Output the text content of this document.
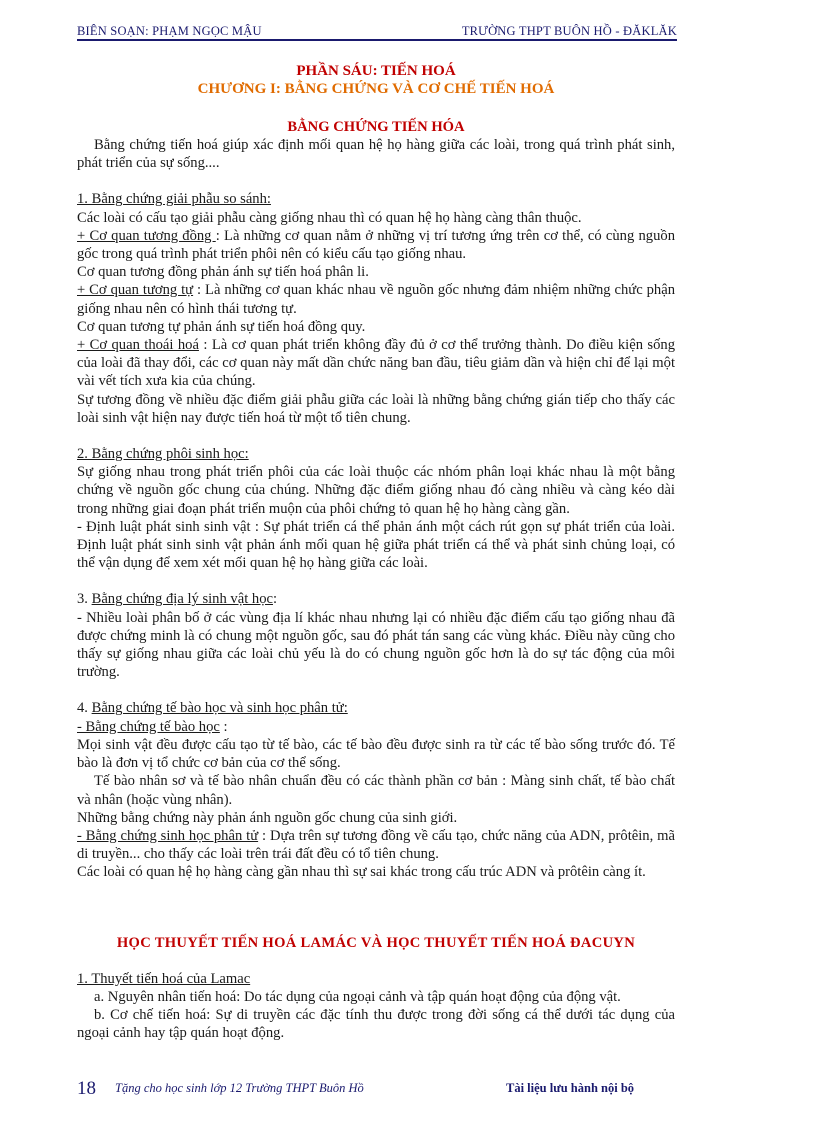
BIÊN SOẠN: PHẠM NGỌC MẬU	TRƯỜNG THPT BUÔN HỒ - ĐĂKLĂK
PHẦN SÁU: TIẾN HOÁ
CHƯƠNG I: BẰNG CHỨNG VÀ CƠ CHẾ TIẾN HOÁ
BẰNG CHỨNG TIẾN HÓA

Bằng chứng tiến hoá giúp xác định mối quan hệ họ hàng giữa các loài, trong quá trình phát sinh, phát triển của sự sống....

1. Bằng chứng giải phẫu so sánh:

Các loài có cấu tạo giải phẫu càng giống nhau thì có quan hệ họ hàng càng thân thuộc.

+ Cơ quan tương đồng : Là những cơ quan nằm ở những vị trí tương ứng trên cơ thể, có cùng nguồn gốc trong quá trình phát triển phôi nên có kiểu cấu tạo giống nhau.

Cơ quan tương đồng phản ánh sự tiến hoá phân li.

+ Cơ quan tương tự : Là những cơ quan khác nhau về nguồn gốc nhưng đảm nhiệm những chức phận giống nhau nên có hình thái tương tự.

Cơ quan tương tự phản ánh sự tiến hoá đồng quy.

+ Cơ quan thoái hoá : Là cơ quan phát triển không đầy đủ ở cơ thể trưởng thành. Do điều kiện sống của loài đã thay đổi, các cơ quan này mất dần chức năng ban đầu, tiêu giảm dần và hiện chỉ để lại một vài vết tích xưa kia của chúng.

Sự tương đồng về nhiều đặc điểm giải phẫu giữa các loài là những bằng chứng gián tiếp cho thấy các loài sinh vật hiện nay được tiến hoá từ một tổ tiên chung.

2. Bằng chứng phôi sinh học:

Sự giống nhau trong phát triển phôi của các loài thuộc các nhóm phân loại khác nhau là một bằng chứng về nguồn gốc chung của chúng. Những đặc điểm giống nhau đó càng nhiều và càng kéo dài trong những giai đoạn phát triển muộn của phôi chứng tỏ quan hệ họ hàng càng gần.

- Định luật phát sinh sinh vật : Sự phát triển cá thể phản ánh một cách rút gọn sự phát triển của loài. Định luật phát sinh sinh vật phản ánh mối quan hệ giữa phát triển cá thể và phát sinh chủng loại, có thể vận dụng để xem xét mối quan hệ họ hàng giữa các loài.

3. Bằng chứng địa lý sinh vật học:

- Nhiều loài phân bố ở các vùng địa lí khác nhau nhưng lại có nhiều đặc điểm cấu tạo giống nhau đã được chứng minh là có chung một nguồn gốc, sau đó phát tán sang các vùng khác. Điều này cũng cho thấy sự giống nhau giữa các loài chủ yếu là do có chung nguồn gốc hơn là do sự tác động của môi trường.

4. Bằng chứng tế bào học và sinh học phân tử:

- Bằng chứng tế bào học :

Mọi sinh vật đều được cấu tạo từ tế bào, các tế bào đều được sinh ra từ các tế bào sống trước đó. Tế bào là đơn vị tổ chức cơ bản của cơ thể sống.

Tế bào nhân sơ và tế bào nhân chuẩn đều có các thành phần cơ bản : Màng sinh chất, tế bào chất và nhân (hoặc vùng nhân).

Những bằng chứng này phản ánh nguồn gốc chung của sinh giới.

- Bằng chứng sinh học phân tử : Dựa trên sự tương đồng về cấu tạo, chức năng của ADN, prôtêin, mã di truyền... cho thấy các loài trên trái đất đều có tổ tiên chung.

Các loài có quan hệ họ hàng càng gần nhau thì sự sai khác trong cấu trúc ADN và prôtêin càng ít.

HỌC THUYẾT TIẾN HOÁ LAMÁC VÀ HỌC THUYẾT TIẾN HOÁ ĐACUYN

1. Thuyết tiến hoá của Lamac

a. Nguyên nhân tiến hoá: Do tác dụng của ngoại cảnh và tập quán hoạt động của động vật.

b. Cơ chế tiến hoá: Sự di truyền các đặc tính thu được trong đời sống cá thể dưới tác dụng của ngoại cảnh hay tập quán hoạt động.

18 Tặng cho học sinh lớp 12 Trường THPT Buôn Hồ	Tài liệu lưu hành nội bộ
